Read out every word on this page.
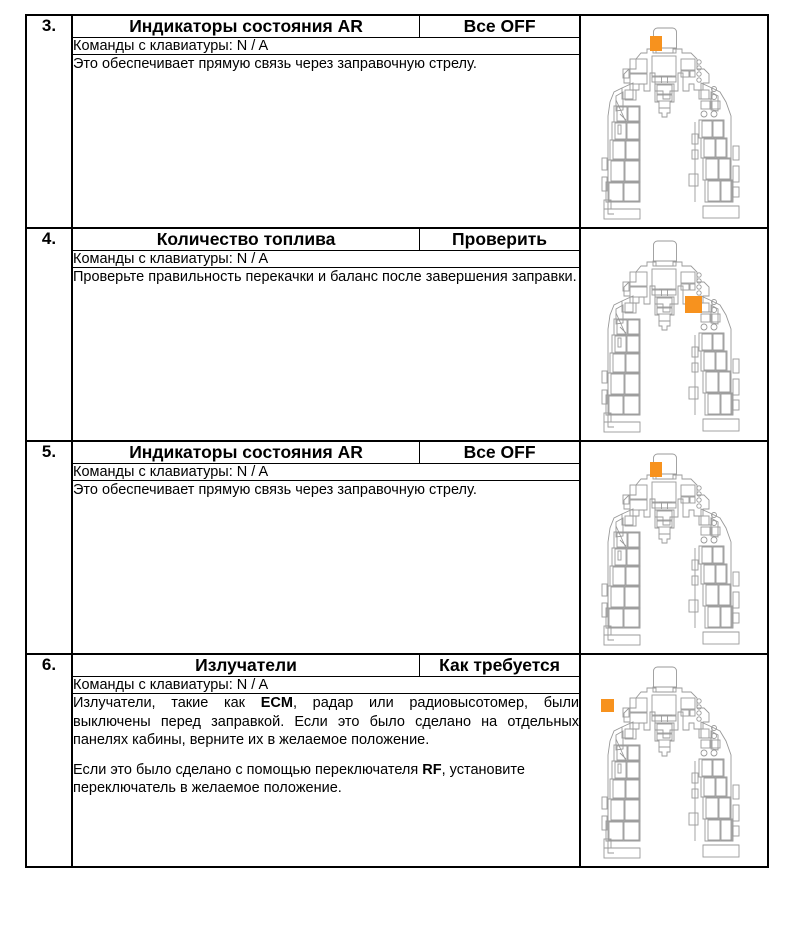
3.		Индикаторы состояния AR	Все OFF
Команды с клавиатуры: N / A

Это обеспечивает прямую связь через заправочную стрелу.

4.		Количество топлива	Проверить
Команды с клавиатуры: N / A

Проверьте правильность перекачки и баланс после завершения заправки.

5.		Индикаторы состояния AR	Все OFF
Команды с клавиатуры: N / A

Это обеспечивает прямую связь через заправочную стрелу.

6.		Излучатели	Как требуется
Команды с клавиатуры: N / A

Излучатели, такие как ECM, радар или радиовысотомер, были выключены перед заправкой. Если это было сделано на отдельных панелях кабины, верните их в желаемое положение.

Если это было сделано с помощью переключателя RF, установите переключатель в желаемое положение.
